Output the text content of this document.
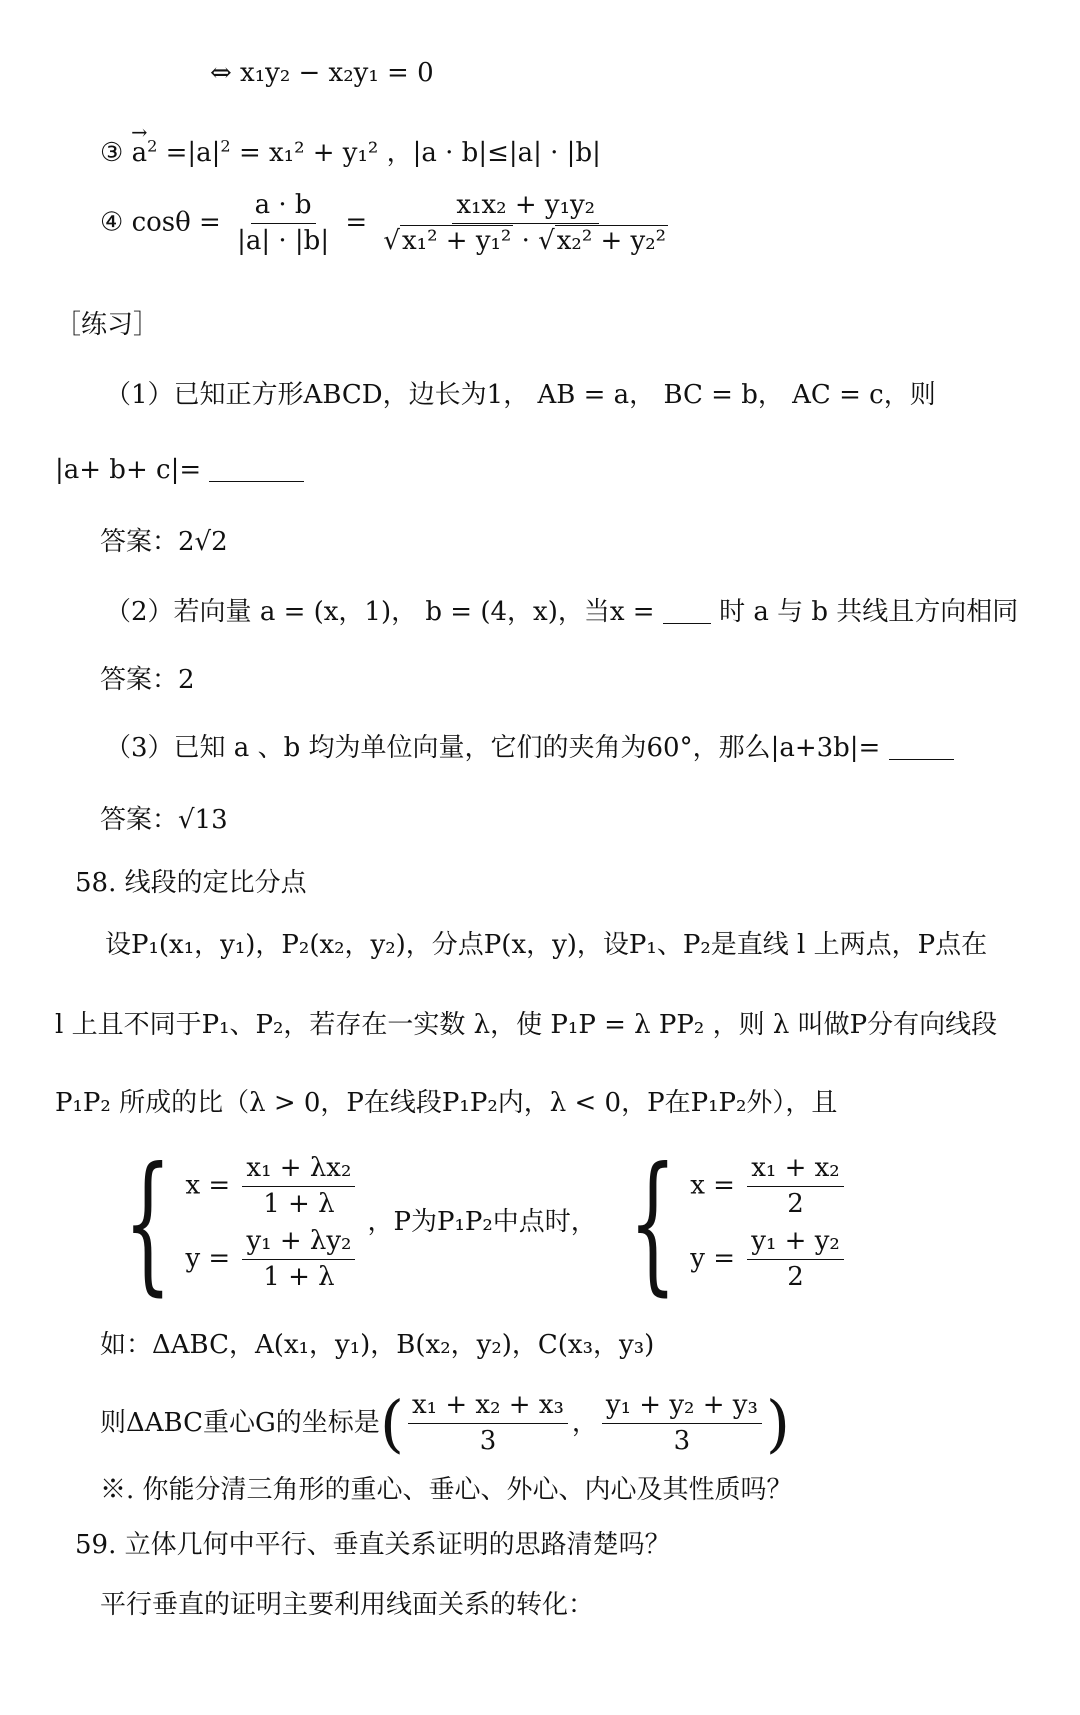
⇔ x₁y₂ − x₂y₁ = 0
③ → $a^2 =|a|^2 = x_1^2 + y_1^2$ ，|a · b|≤|a| · |b|
④ $\cos\theta = \frac{a \cdot b}{|a| \cdot |b|} = \frac{\text{x₁x₂ + y₁y₂}}{\text{√x₁² + y₁² · √x₂² + y₂²}}$
［练习］
（1）已知正方形ABCD，边长为1， AB = a， BC = b， AC = c，则
|a+ b+ c|=
答案：2√2
（2）若向量 a = (x，1)， b = (4，x)，当x = 时 a 与 b 共线且方向相同
答案：2
（3）已知 a 、b 均为单位向量，它们的夹角为60°，那么|a+3b|=
答案：√13
58. 线段的定比分点
设P₁(x₁，y₁)，P₂(x₂，y₂)，分点P(x，y)，设P₁、P₂是直线 l 上两点，P点在
l 上且不同于P₁、P₂，若存在一实数 λ，使 P₁P = λ PP₂ ，则 λ 叫做P分有向线段
P₁P₂ 所成的比（λ > 0，P在线段P₁P₂内，λ < 0，P在P₁P₂外），且
{ $x = \frac{\text{x₁ + λx₂}}{1 + \lambda}$
$y = \frac{\text{y₁ + λy₂}}{1 + \lambda}$
，P为P₁P₂中点时， { $x = \frac{\text{x₁ + x₂}}{2}$
$y = \frac{\text{y₁ + y₂}}{2}$
如：ΔABC，A(x₁，y₁)，B(x₂，y₂)，C(x₃，y₃)
则ΔABC重心G的坐标是 ( $\frac{\text{x₁ + x₂ + x₃}}{3}$ ， $\frac{\text{y₁ + y₂ + y₃}}{3}$ )
※. 你能分清三角形的重心、垂心、外心、内心及其性质吗？
59. 立体几何中平行、垂直关系证明的思路清楚吗？
平行垂直的证明主要利用线面关系的转化：
